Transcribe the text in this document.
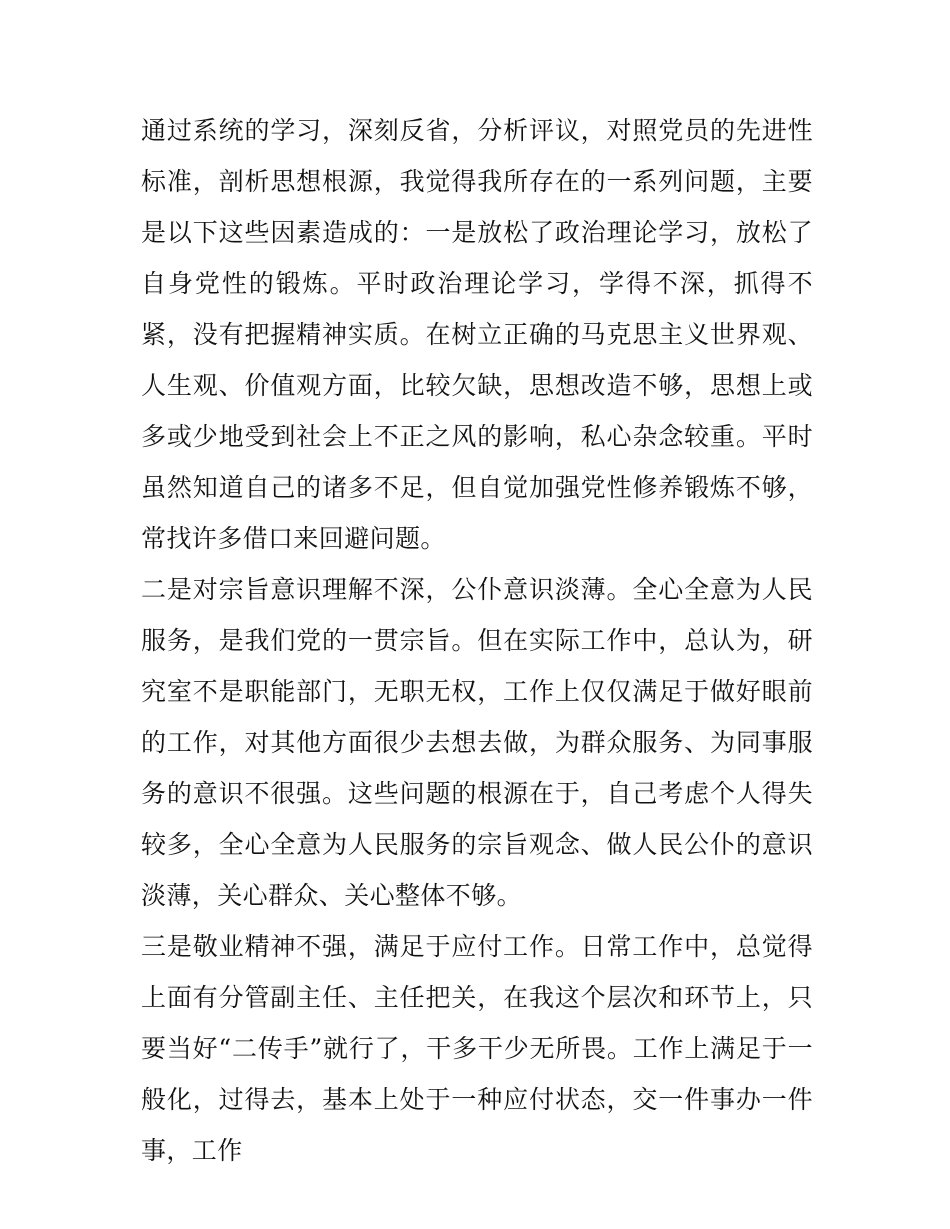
通过系统的学习，深刻反省，分析评议，对照党员的先进性标准，剖析思想根源，我觉得我所存在的一系列问题，主要是以下这些因素造成的：一是放松了政治理论学习，放松了自身党性的锻炼。平时政治理论学习，学得不深，抓得不紧，没有把握精神实质。在树立正确的马克思主义世界观、人生观、价值观方面，比较欠缺，思想改造不够，思想上或多或少地受到社会上不正之风的影响，私心杂念较重。平时虽然知道自己的诸多不足，但自觉加强党性修养锻炼不够，常找许多借口来回避问题。

二是对宗旨意识理解不深，公仆意识淡薄。全心全意为人民服务，是我们党的一贯宗旨。但在实际工作中，总认为，研究室不是职能部门，无职无权，工作上仅仅满足于做好眼前的工作，对其他方面很少去想去做，为群众服务、为同事服务的意识不很强。这些问题的根源在于，自己考虑个人得失较多，全心全意为人民服务的宗旨观念、做人民公仆的意识淡薄，关心群众、关心整体不够。

三是敬业精神不强，满足于应付工作。日常工作中，总觉得上面有分管副主任、主任把关，在我这个层次和环节上，只要当好“二传手”就行了，干多干少无所畏。工作上满足于一般化，过得去，基本上处于一种应付状态，交一件事办一件事，工作
